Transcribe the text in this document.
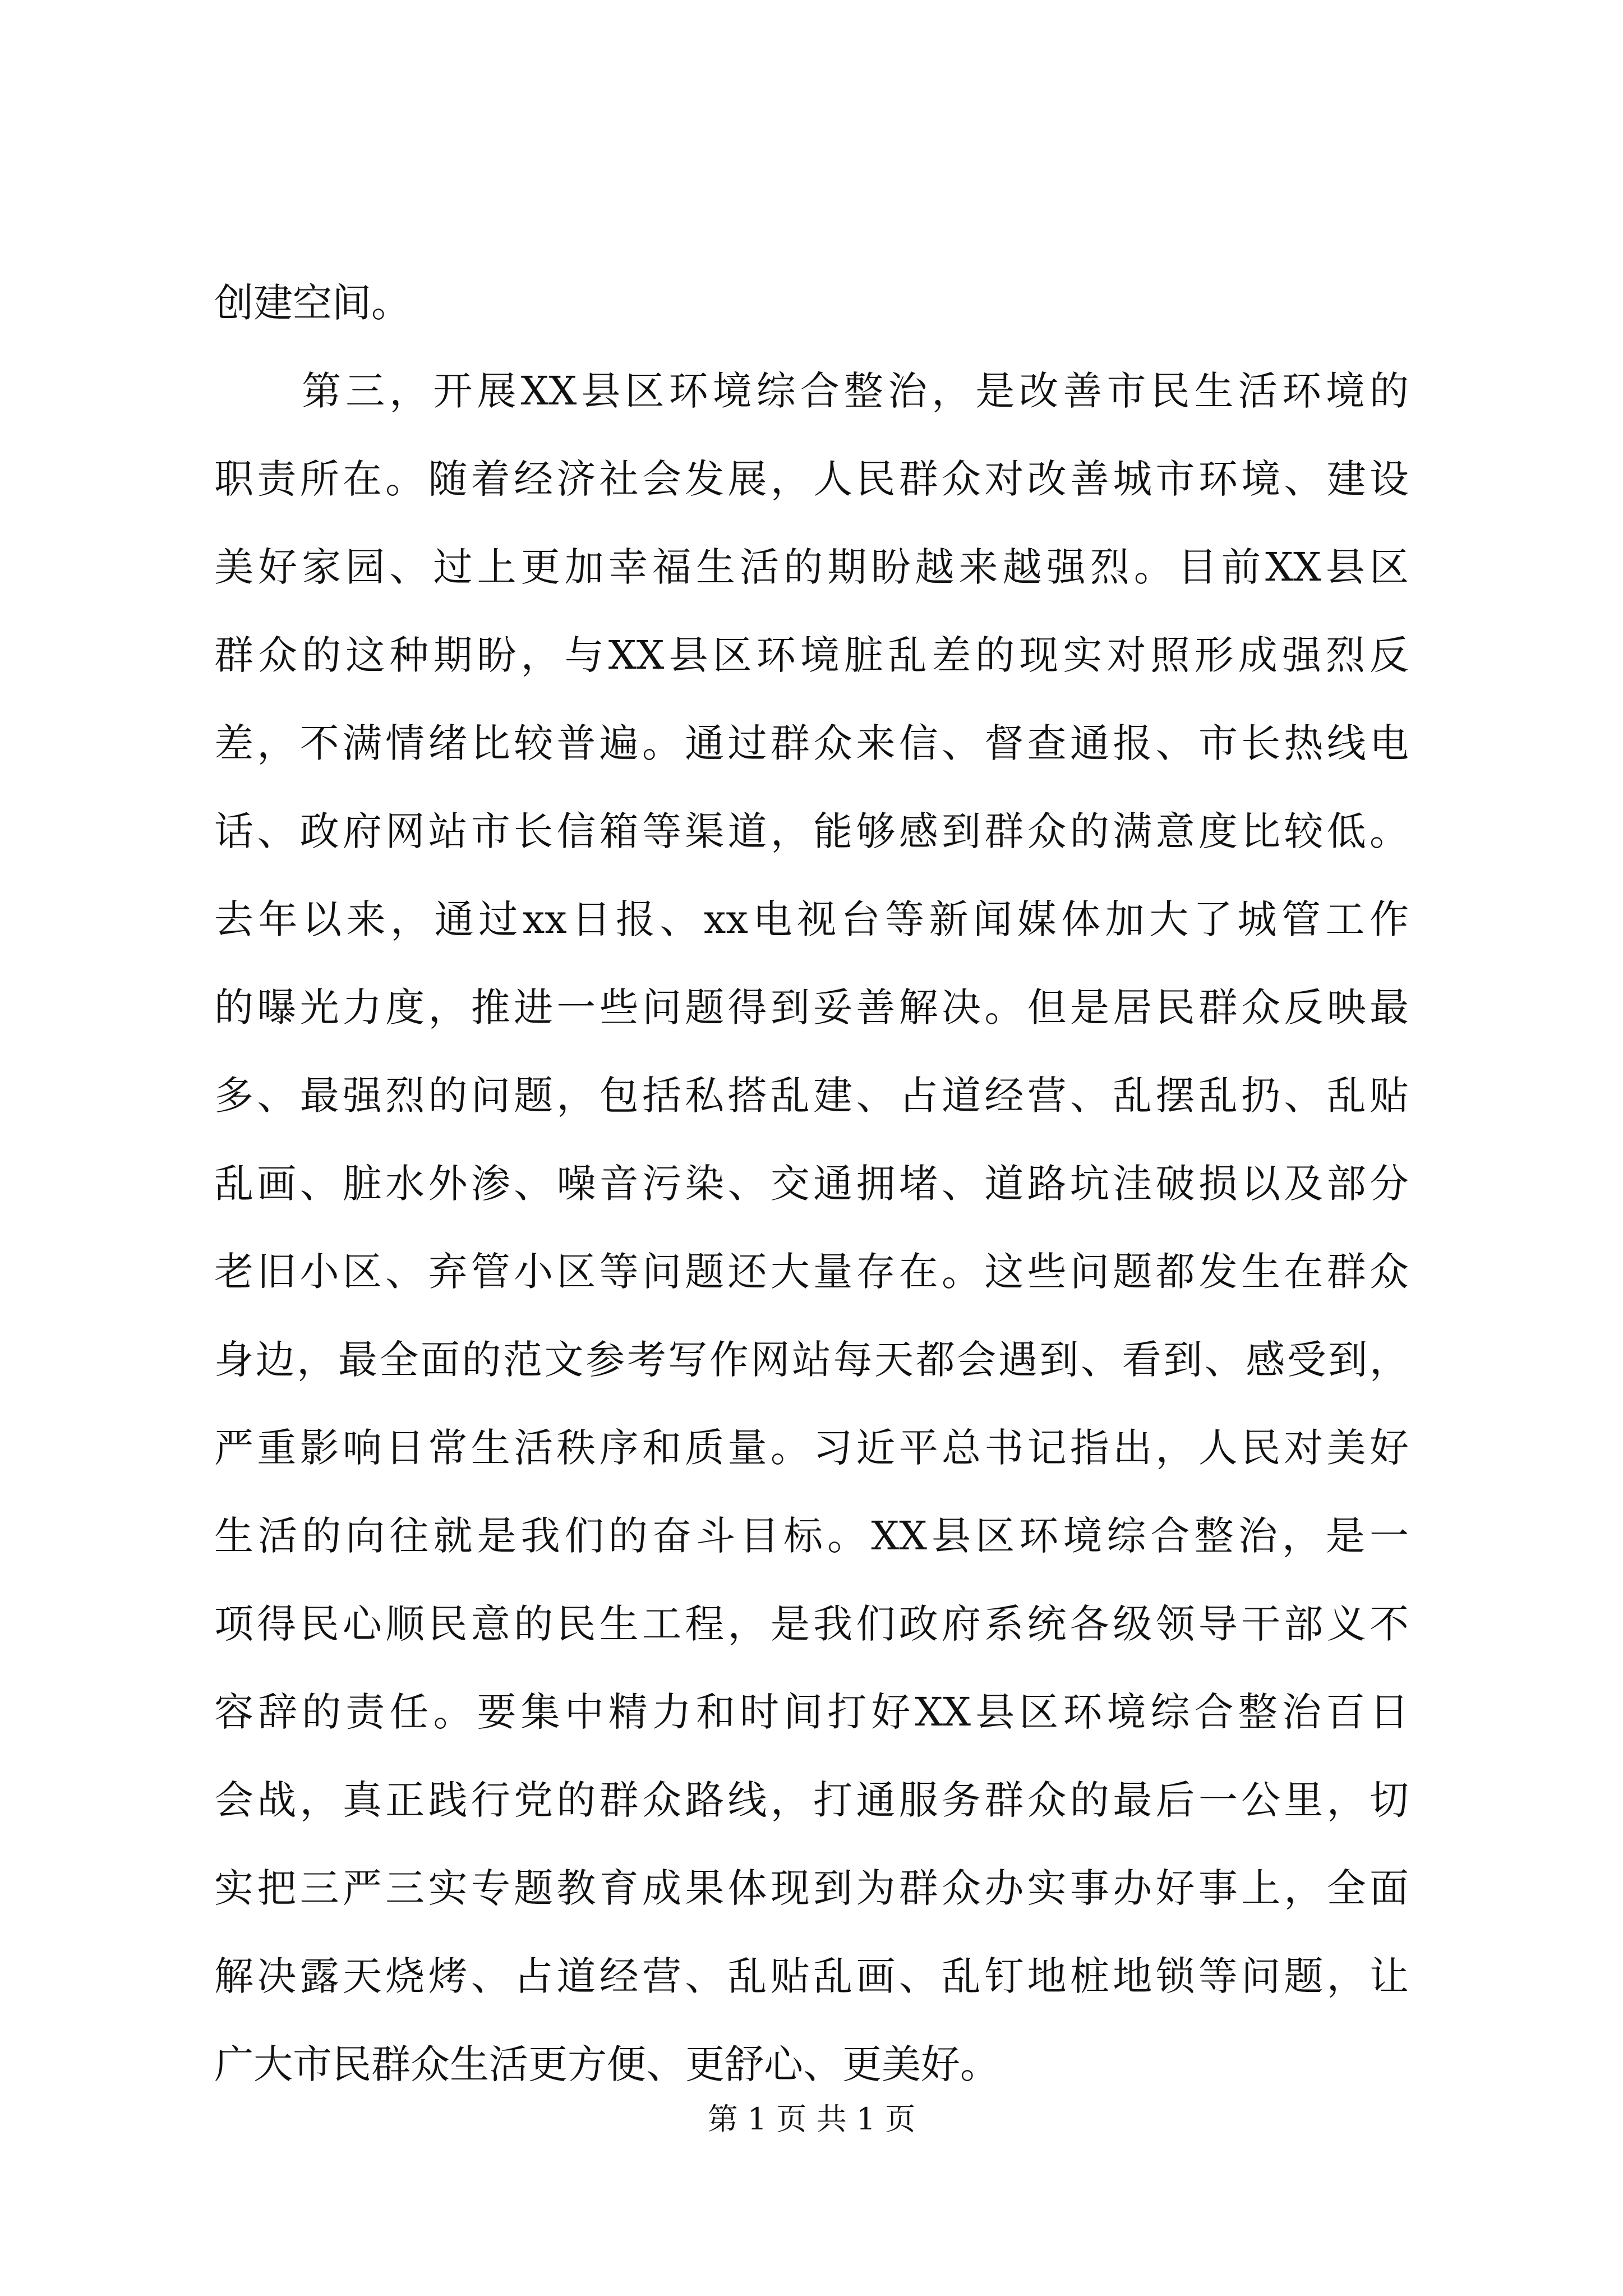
创建空间。
　　第三，开展XX县区环境综合整治，是改善市民生活环境的
职责所在。随着经济社会发展，人民群众对改善城市环境、建设
美好家园、过上更加幸福生活的期盼越来越强烈。目前XX县区
群众的这种期盼，与XX县区环境脏乱差的现实对照形成强烈反
差，不满情绪比较普遍。通过群众来信、督查通报、市长热线电
话、政府网站市长信箱等渠道，能够感到群众的满意度比较低。
去年以来，通过xx日报、xx电视台等新闻媒体加大了城管工作
的曝光力度，推进一些问题得到妥善解决。但是居民群众反映最
多、最强烈的问题，包括私搭乱建、占道经营、乱摆乱扔、乱贴
乱画、脏水外渗、噪音污染、交通拥堵、道路坑洼破损以及部分
老旧小区、弃管小区等问题还大量存在。这些问题都发生在群众
身边，最全面的范文参考写作网站每天都会遇到、看到、感受到，
严重影响日常生活秩序和质量。习近平总书记指出，人民对美好
生活的向往就是我们的奋斗目标。XX县区环境综合整治，是一
项得民心顺民意的民生工程，是我们政府系统各级领导干部义不
容辞的责任。要集中精力和时间打好XX县区环境综合整治百日
会战，真正践行党的群众路线，打通服务群众的最后一公里，切
实把三严三实专题教育成果体现到为群众办实事办好事上，全面
解决露天烧烤、占道经营、乱贴乱画、乱钉地桩地锁等问题，让
广大市民群众生活更方便、更舒心、更美好。
第 1 页 共 1 页
